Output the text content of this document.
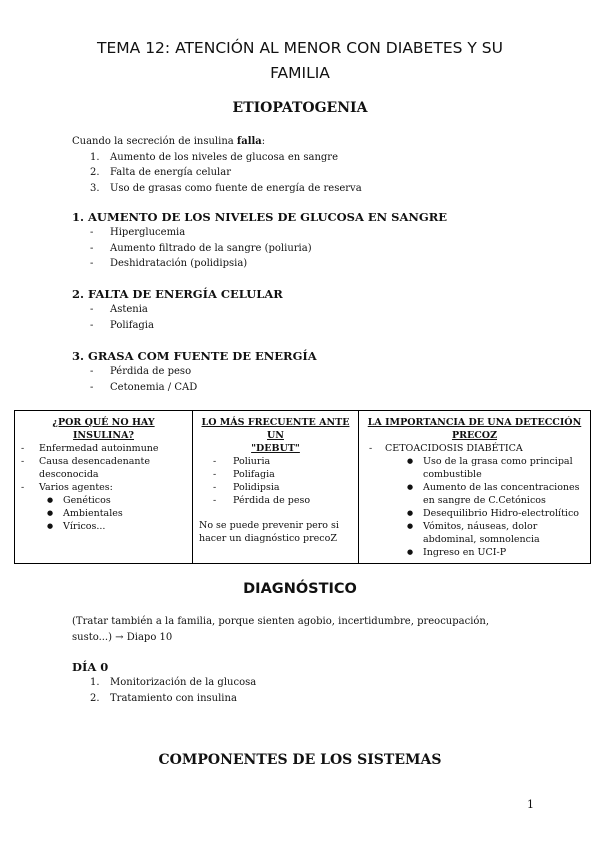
TEMA 12: ATENCIÓN AL MENOR CON DIABETES Y SU
FAMILIA
ETIOPATOGENIA
Cuando la secreción de insulina falla:
1.	Aumento de los niveles de glucosa en sangre
2.	Falta de energía celular
3.	Uso de grasas como fuente de energía de reserva
1. AUMENTO DE LOS NIVELES DE GLUCOSA EN SANGRE
-	Hiperglucemia
-	Aumento filtrado de la sangre (poliuria)
-	Deshidratación (polidipsia)
2. FALTA DE ENERGÍA CELULAR
-	Astenia
-	Polifagia
3. GRASA COM FUENTE DE ENERGÍA
-	Pérdida de peso
-	Cetonemia / CAD
¿POR QUÉ NO HAY INSULINA?
-	Enfermedad autoinmune
-	Causa desencadenante desconocida
-	Varios agentes:
●	Genéticos
●	Ambientales
●	Víricos...

LO MÁS FRECUENTE ANTE UN
"DEBUT"
-	Poliuria
-	Polifagia
-	Polidipsia
-	Pérdida de peso
No se puede prevenir pero si hacer un diagnóstico precoZ

LA IMPORTANCIA DE UNA DETECCIÓN
PRECOZ
-	CETOACIDOSIS DIABÉTICA
●	Uso de la grasa como principal combustible
●	Aumento de las concentraciones en sangre de C.Cetónicos
●	Desequilibrio Hidro-electrolítico
●	Vómitos, náuseas, dolor abdominal, somnolencia
●	Ingreso en UCI-P
DIAGNÓSTICO
(Tratar también a la familia, porque sienten agobio, incertidumbre, preocupación, susto...) → Diapo 10
DÍA 0
1.	Monitorización de la glucosa
2.	Tratamiento con insulina
COMPONENTES DE LOS SISTEMAS
1
